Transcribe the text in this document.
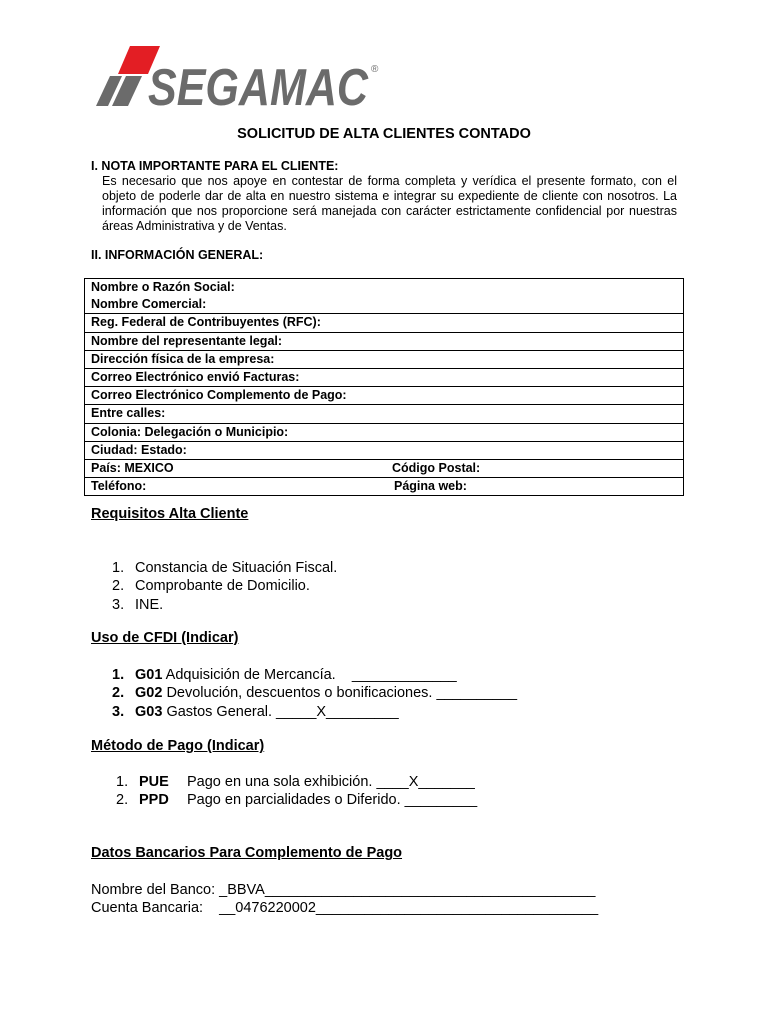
SEGAMAC ®
SOLICITUD DE ALTA CLIENTES CONTADO
I. NOTA IMPORTANTE PARA EL CLIENTE:
Es necesario que nos apoye en contestar de forma completa y verídica el presente formato, con el objeto de poderle dar de alta en nuestro sistema e integrar su expediente de cliente con nosotros. La información que nos proporcione será manejada con carácter estrictamente confidencial por nuestras áreas Administrativa y de Ventas.
II. INFORMACIÓN GENERAL:
Nombre o Razón Social:
Nombre Comercial:
Reg. Federal de Contribuyentes (RFC):
Nombre del representante legal:
Dirección física de la empresa:
Correo Electrónico envió Facturas:
Correo Electrónico Complemento de Pago:
Entre calles:
Colonia: Delegación o Municipio:
Ciudad: Estado:
País: MEXICO	Código Postal:

Teléfono:	Página web:
Requisitos Alta Cliente
1. Constancia de Situación Fiscal.
2. Comprobante de Domicilio.
3. INE.
Uso de CFDI (Indicar)
1. G01 Adquisición de Mercancía.    _____________
2. G02 Devolución, descuentos o bonificaciones. __________
3. G03 Gastos General. _____X_________
Método de Pago (Indicar)
1. PUE Pago en una sola exhibición. ____X_______
2. PPD Pago en parcialidades o Diferido. _________
Datos Bancarios Para Complemento de Pago
Nombre del Banco: _BBVA_________________________________________
Cuenta Bancaria:    __0476220002___________________________________
